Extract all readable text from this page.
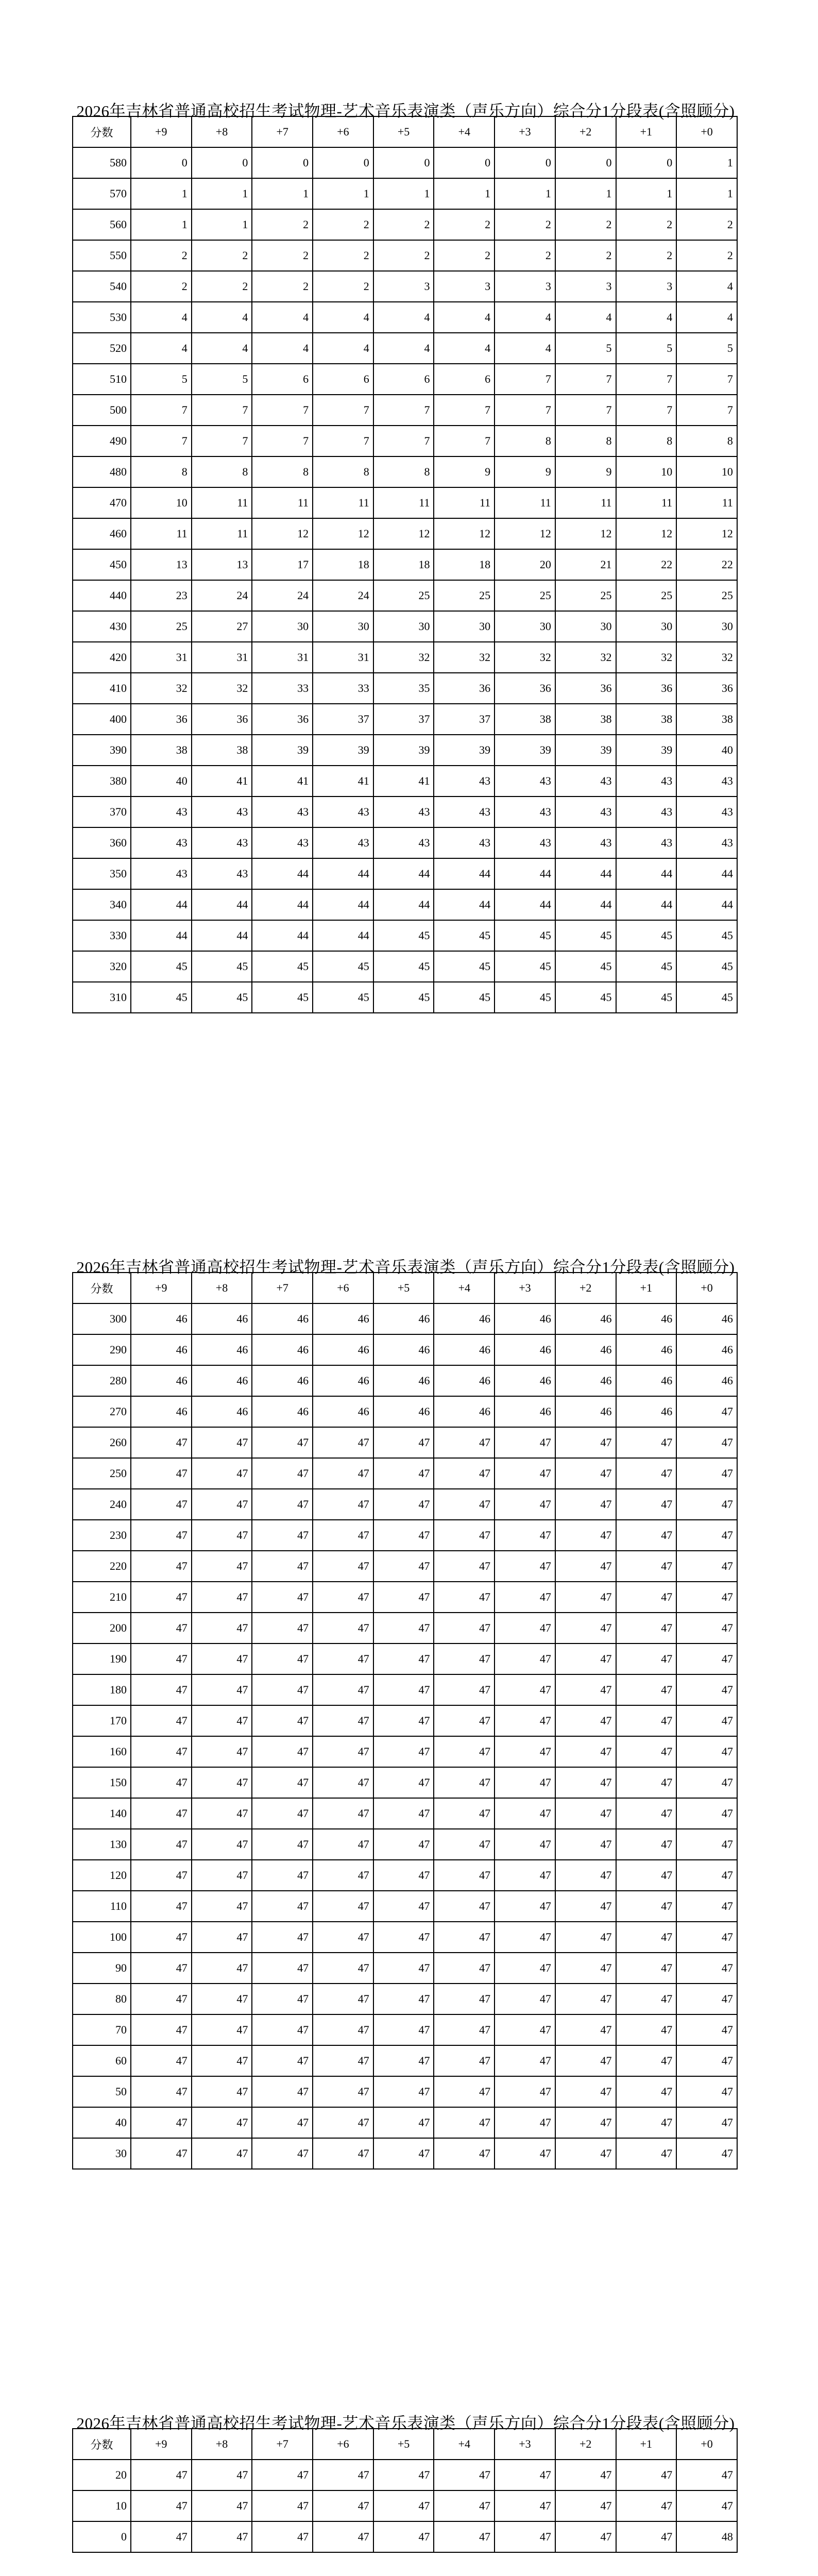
2026年吉林省普通高校招生考试物理-艺术音乐表演类（声乐方向）综合分1分段表(含照顾分)
分数	+9	+8	+7	+6	+5	+4	+3	+2	+1	+0
580	0	0	0	0	0	0	0	0	0	1
570	1	1	1	1	1	1	1	1	1	1
560	1	1	2	2	2	2	2	2	2	2
550	2	2	2	2	2	2	2	2	2	2
540	2	2	2	2	3	3	3	3	3	4
530	4	4	4	4	4	4	4	4	4	4
520	4	4	4	4	4	4	4	5	5	5
510	5	5	6	6	6	6	7	7	7	7
500	7	7	7	7	7	7	7	7	7	7
490	7	7	7	7	7	7	8	8	8	8
480	8	8	8	8	8	9	9	9	10	10
470	10	11	11	11	11	11	11	11	11	11
460	11	11	12	12	12	12	12	12	12	12
450	13	13	17	18	18	18	20	21	22	22
440	23	24	24	24	25	25	25	25	25	25
430	25	27	30	30	30	30	30	30	30	30
420	31	31	31	31	32	32	32	32	32	32
410	32	32	33	33	35	36	36	36	36	36
400	36	36	36	37	37	37	38	38	38	38
390	38	38	39	39	39	39	39	39	39	40
380	40	41	41	41	41	43	43	43	43	43
370	43	43	43	43	43	43	43	43	43	43
360	43	43	43	43	43	43	43	43	43	43
350	43	43	44	44	44	44	44	44	44	44
340	44	44	44	44	44	44	44	44	44	44
330	44	44	44	44	45	45	45	45	45	45
320	45	45	45	45	45	45	45	45	45	45
310	45	45	45	45	45	45	45	45	45	45
2026年吉林省普通高校招生考试物理-艺术音乐表演类（声乐方向）综合分1分段表(含照顾分)
分数	+9	+8	+7	+6	+5	+4	+3	+2	+1	+0
300	46	46	46	46	46	46	46	46	46	46
290	46	46	46	46	46	46	46	46	46	46
280	46	46	46	46	46	46	46	46	46	46
270	46	46	46	46	46	46	46	46	46	47
260	47	47	47	47	47	47	47	47	47	47
250	47	47	47	47	47	47	47	47	47	47
240	47	47	47	47	47	47	47	47	47	47
230	47	47	47	47	47	47	47	47	47	47
220	47	47	47	47	47	47	47	47	47	47
210	47	47	47	47	47	47	47	47	47	47
200	47	47	47	47	47	47	47	47	47	47
190	47	47	47	47	47	47	47	47	47	47
180	47	47	47	47	47	47	47	47	47	47
170	47	47	47	47	47	47	47	47	47	47
160	47	47	47	47	47	47	47	47	47	47
150	47	47	47	47	47	47	47	47	47	47
140	47	47	47	47	47	47	47	47	47	47
130	47	47	47	47	47	47	47	47	47	47
120	47	47	47	47	47	47	47	47	47	47
110	47	47	47	47	47	47	47	47	47	47
100	47	47	47	47	47	47	47	47	47	47
90	47	47	47	47	47	47	47	47	47	47
80	47	47	47	47	47	47	47	47	47	47
70	47	47	47	47	47	47	47	47	47	47
60	47	47	47	47	47	47	47	47	47	47
50	47	47	47	47	47	47	47	47	47	47
40	47	47	47	47	47	47	47	47	47	47
30	47	47	47	47	47	47	47	47	47	47
2026年吉林省普通高校招生考试物理-艺术音乐表演类（声乐方向）综合分1分段表(含照顾分)
分数	+9	+8	+7	+6	+5	+4	+3	+2	+1	+0
20	47	47	47	47	47	47	47	47	47	47
10	47	47	47	47	47	47	47	47	47	47
0	47	47	47	47	47	47	47	47	47	48
